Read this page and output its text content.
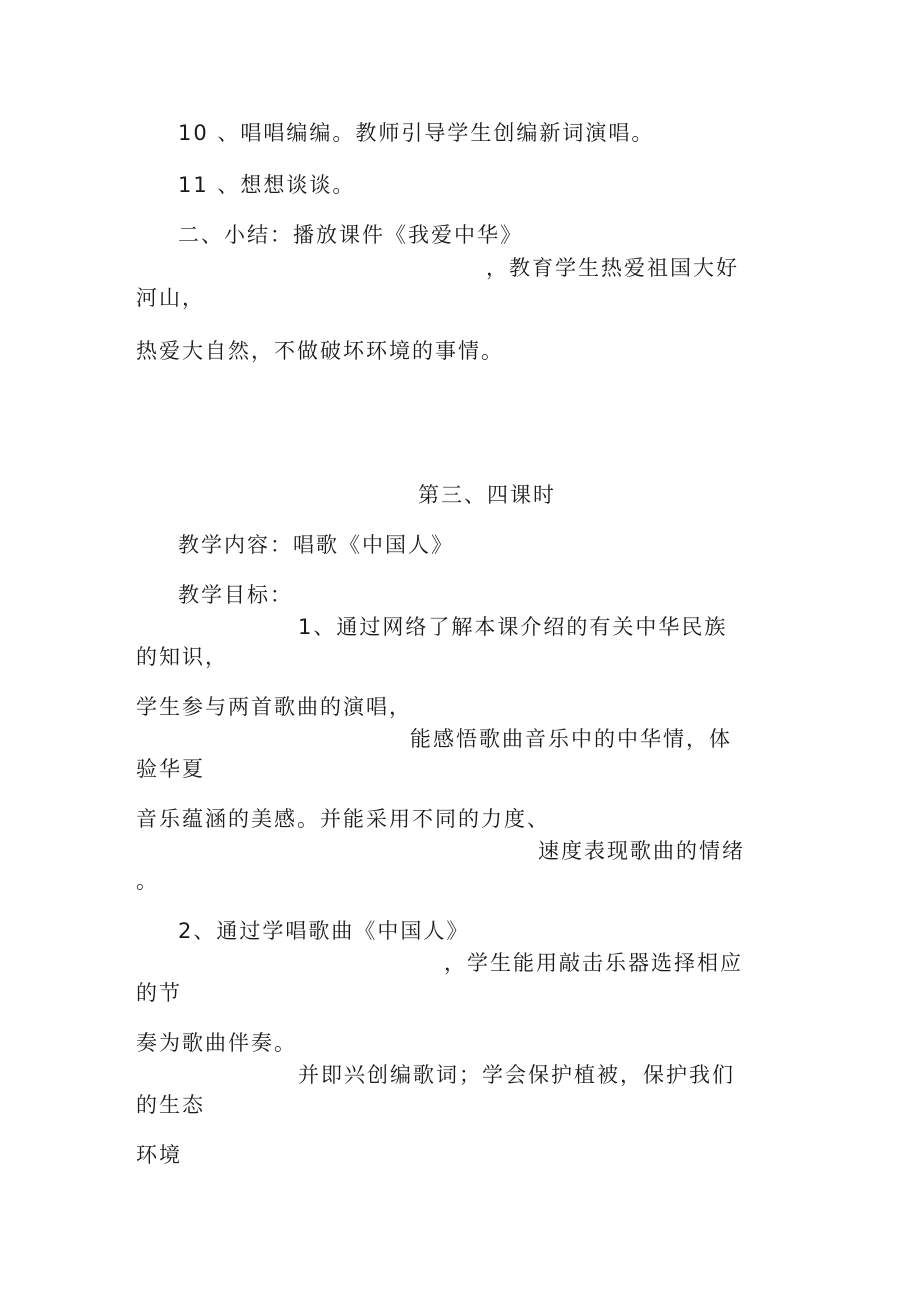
10 、唱唱编编。教师引导学生创编新词演唱。
11 、想想谈谈。
二、小结：播放课件《我爱中华》
，教育学生热爱祖国大好
河山，
热爱大自然，不做破坏环境的事情。
第三、四课时
教学内容：唱歌《中国人》
教学目标：
1、通过网络了解本课介绍的有关中华民族
的知识，
学生参与两首歌曲的演唱，
能感悟歌曲音乐中的中华情，体
验华夏
音乐蕴涵的美感。并能采用不同的力度、
速度表现歌曲的情绪
。
2、通过学唱歌曲《中国人》
，学生能用敲击乐器选择相应
的节
奏为歌曲伴奏。
并即兴创编歌词；学会保护植被，保护我们
的生态
环境
